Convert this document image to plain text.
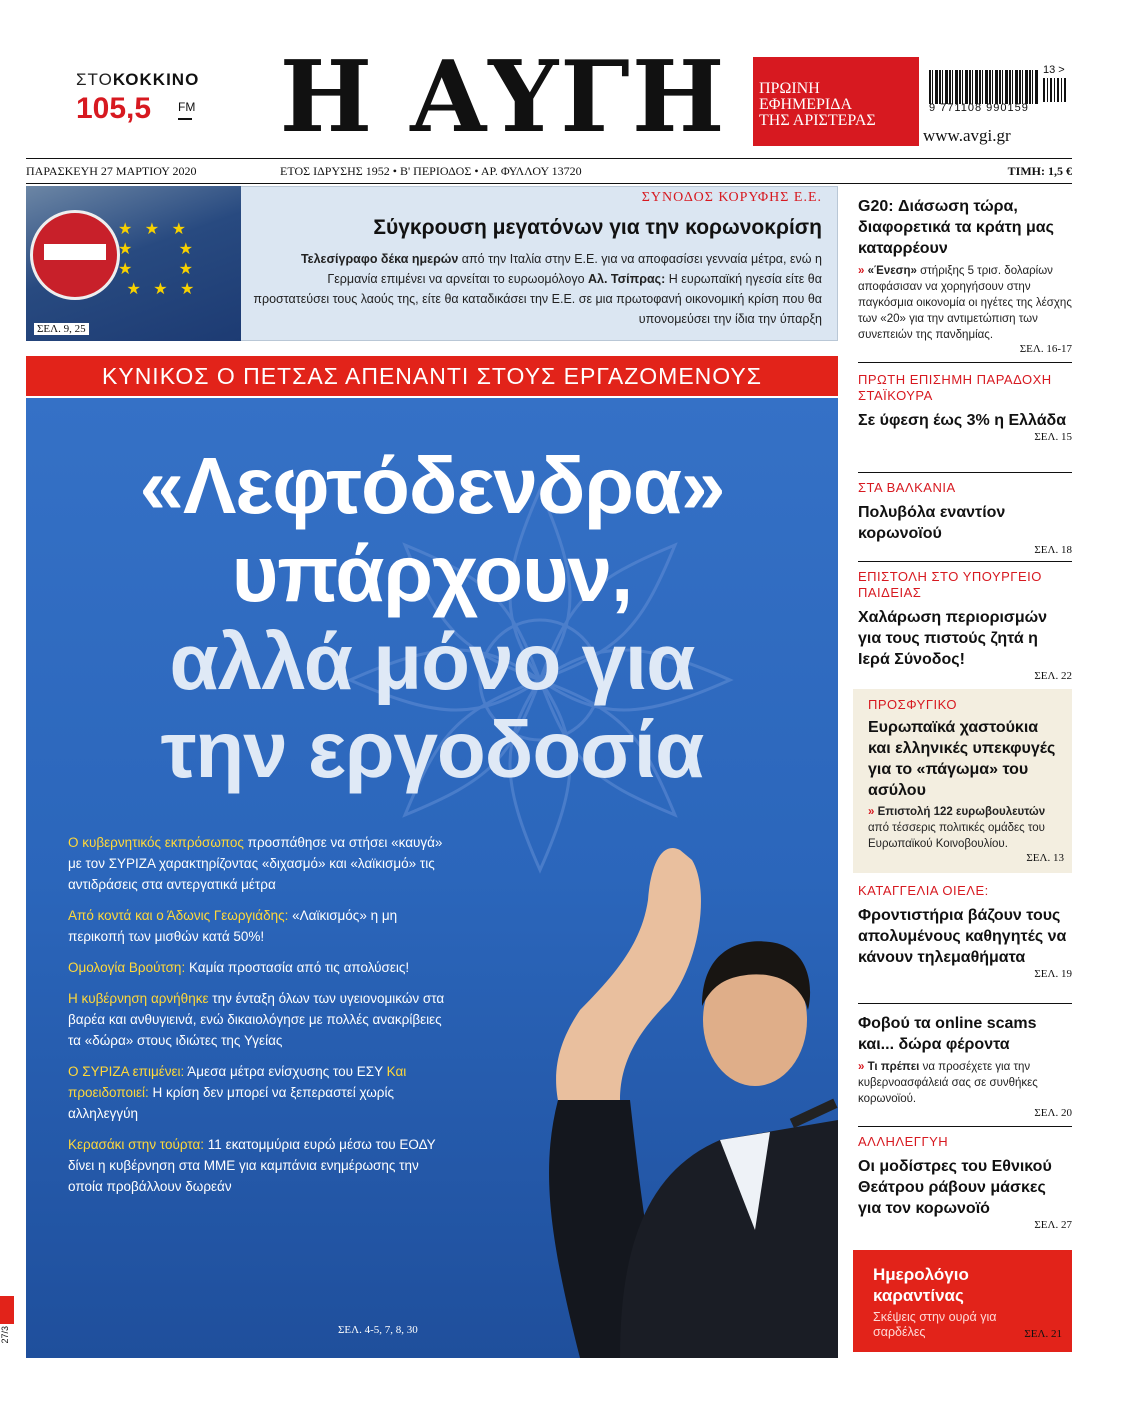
ΣΤΟΚΟΚΚΙΝΟ
105,5	FM Η ΑΥΓΗ	ΠΡΩΙΝΗ
ΕΦΗΜΕΡΙΔΑ
ΤΗΣ ΑΡΙΣΤΕΡΑΣ
9 771108 990159
13 >
www.avgi.gr
ΠΑΡΑΣΚΕΥΗ 27 ΜΑΡΤΙΟΥ 2020	ΕΤΟΣ ΙΔΡΥΣΗΣ 1952 • Β' ΠΕΡΙΟΔΟΣ • ΑΡ. ΦΥΛΛΟΥ 13720	ΤΙΜΗ: 1,5 €
★ ★ ★
★     ★
★     ★
★ ★ ★
ΣΕΛ. 9, 25
ΣΥΝΟΔΟΣ ΚΟΡΥΦΗΣ Ε.Ε.
Σύγκρουση μεγατόνων για την κορωνοκρίση
Τελεσίγραφο δέκα ημερών από την Ιταλία στην Ε.Ε. για να αποφασίσει γενναία μέτρα, ενώ η Γερμανία επιμένει να αρνείται το ευρωομόλογο Αλ. Τσίπρας: Η ευρωπαϊκή ηγεσία είτε θα προστατεύσει τους λαούς της, είτε θα καταδικάσει την Ε.Ε. σε μια πρωτοφανή οικονομική κρίση που θα υπονομεύσει την ίδια την ύπαρξη
ΚΥΝΙΚΟΣ Ο ΠΕΤΣΑΣ ΑΠΕΝΑΝΤΙ ΣΤΟΥΣ ΕΡΓΑΖΟΜΕΝΟΥΣ
«Λεφτόδενδρα»
υπάρχουν,
αλλά μόνο για
την εργοδοσία

Ο κυβερνητικός εκπρόσωπος προσπάθησε να στήσει «καυγά» με τον ΣΥΡΙΖΑ χαρακτηρίζοντας «διχασμό» και «λαϊκισμό» τις αντιδράσεις στα αντεργατικά μέτρα

Από κοντά και ο Άδωνις Γεωργιάδης: «Λαϊκισμός» η μη περικοπή των μισθών κατά 50%!

Ομολογία Βρούτση: Καμία προστασία από τις απολύσεις!

Η κυβέρνηση αρνήθηκε την ένταξη όλων των υγειονομικών στα βαρέα και ανθυγιεινά, ενώ δικαιολόγησε με πολλές ανακρίβειες τα «δώρα» στους ιδιώτες της Υγείας

Ο ΣΥΡΙΖΑ επιμένει: Άμεσα μέτρα ενίσχυσης του ΕΣΥ Και προειδοποιεί: Η κρίση δεν μπορεί να ξεπεραστεί χωρίς αλληλεγγύη

Κερασάκι στην τούρτα: 11 εκατομμύρια ευρώ μέσω του ΕΟΔΥ δίνει η κυβέρνηση στα ΜΜΕ για καμπάνια ενημέρωσης την οποία προβάλλουν δωρεάν

ΣΕΛ. 4-5, 7, 8, 30
G20: Διάσωση τώρα, διαφορετικά τα κράτη μας καταρρέουν
» «Ένεση» στήριξης 5 τρισ. δολαρίων αποφάσισαν να χορηγήσουν στην παγκόσμια οικονομία οι ηγέτες της λέσχης των «20» για την αντιμετώπιση των συνεπειών της πανδημίας.
ΣΕΛ. 16-17
ΠΡΩΤΗ ΕΠΙΣΗΜΗ ΠΑΡΑΔΟΧΗ ΣΤΑΪΚΟΥΡΑ
Σε ύφεση έως 3% η Ελλάδα
ΣΕΛ. 15
ΣΤΑ ΒΑΛΚΑΝΙΑ
Πολυβόλα εναντίον κορωνοϊού
ΣΕΛ. 18
ΕΠΙΣΤΟΛΗ ΣΤΟ ΥΠΟΥΡΓΕΙΟ ΠΑΙΔΕΙΑΣ
Χαλάρωση περιορισμών για τους πιστούς ζητά η Ιερά Σύνοδος!
ΣΕΛ. 22
ΠΡΟΣΦΥΓΙΚΟ
Ευρωπαϊκά χαστούκια και ελληνικές υπεκφυγές για το «πάγωμα» του ασύλου
» Επιστολή 122 ευρωβουλευτών από τέσσερις πολιτικές ομάδες του Ευρωπαϊκού Κοινοβουλίου.
ΣΕΛ. 13
ΚΑΤΑΓΓΕΛΙΑ ΟΙΕΛΕ:
Φροντιστήρια βάζουν τους απολυμένους καθηγητές να κάνουν τηλεμαθήματα
ΣΕΛ. 19
Φοβού τα online scams και... δώρα φέροντα
» Τι πρέπει να προσέχετε για την κυβερνοασφάλειά σας σε συνθήκες κορωνοϊού.
ΣΕΛ. 20
ΑΛΛΗΛΕΓΓΥΗ
Οι μοδίστρες του Εθνικού Θεάτρου ράβουν μάσκες για τον κορωνοϊό
ΣΕΛ. 27
Ημερολόγιο καραντίνας
Σκέψεις στην ουρά για σαρδέλες	ΣΕΛ. 21
27/3
